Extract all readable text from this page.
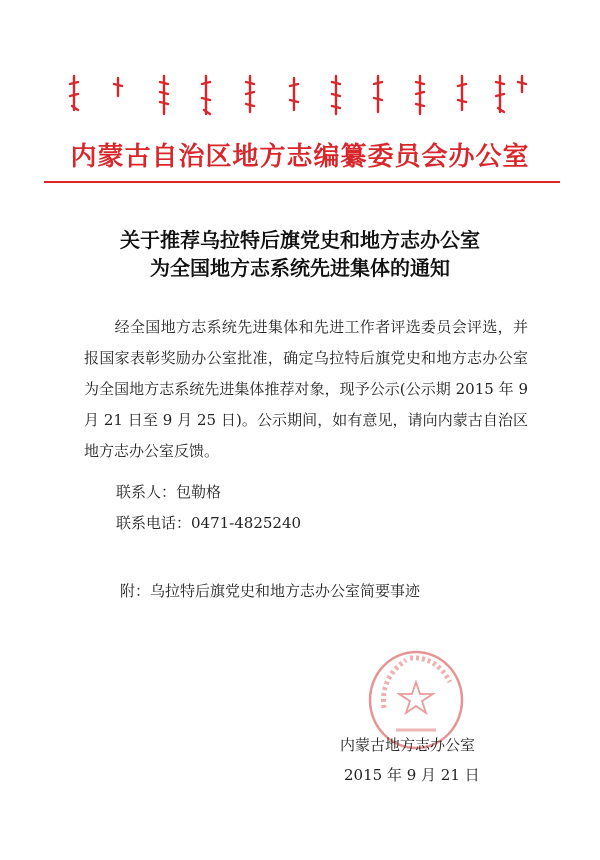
内蒙古自治区地方志编纂委员会办公室
关于推荐乌拉特后旗党史和地方志办公室
为全国地方志系统先进集体的通知
　　经全国地方志系统先进集体和先进工作者评选委员会评选，并报国家表彰奖励办公室批准，确定乌拉特后旗党史和地方志办公室为全国地方志系统先进集体推荐对象，现予公示(公示期 2015 年 9 月 21 日至 9 月 25 日)。公示期间，如有意见，请向内蒙古自治区地方志办公室反馈。
联系人：包勒格
联系电话：0471-4825240
附：乌拉特后旗党史和地方志办公室简要事迹
内蒙古地方志办公室
2015 年 9 月 21 日
